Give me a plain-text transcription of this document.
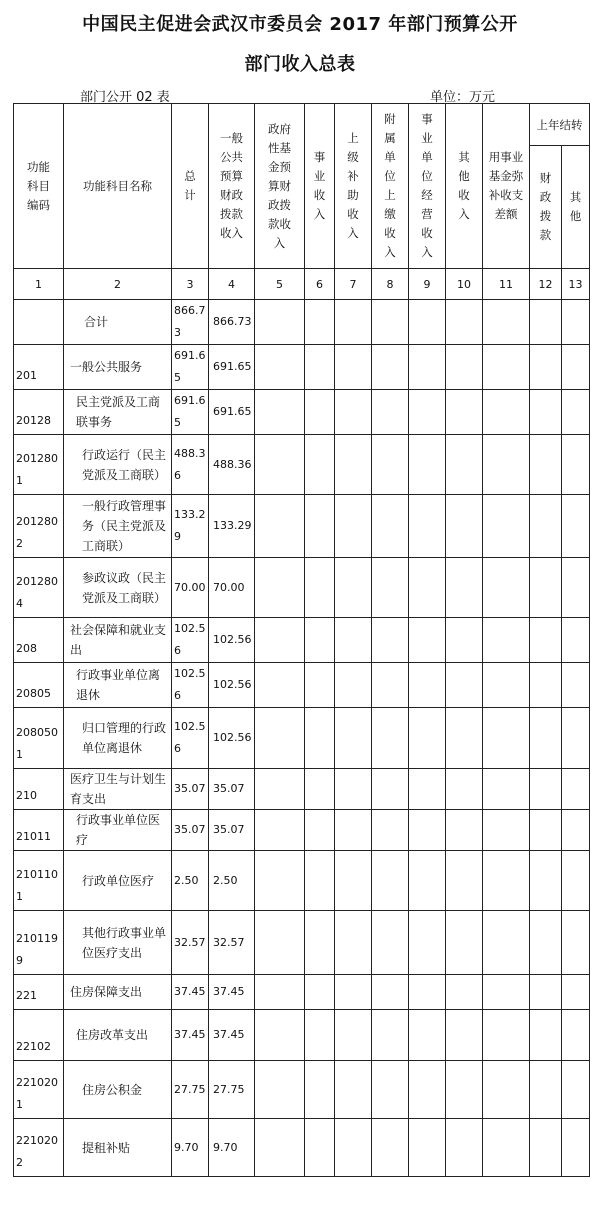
中国民主促进会武汉市委员会 2017 年部门预算公开
部门收入总表
部门公开 02 表	单位：万元
功能科目编码	功能科目名称	总计	一般公共预算财政拨款收入	政府性基金预算财政拨款收入	事业收入	上级补助收入	附属单位上缴收入	事业单位经营收入	其他收入	用事业基金弥补收支差额	上年结转	
											财政拨款	其他
1	2	3	4	5	6	7	8	9	10	11	12	13
	合计	866.73	866.73									
201	一般公共服务	691.65	691.65									
20128	民主党派及工商联事务	691.65	691.65									
2012801	行政运行（民主党派及工商联）	488.36	488.36									
2012802	一般行政管理事务（民主党派及工商联）	133.29	133.29									
2012804	参政议政（民主党派及工商联）	70.00	70.00									
208	社会保障和就业支出	102.56	102.56									
20805	行政事业单位离退休	102.56	102.56									
2080501	归口管理的行政单位离退休	102.56	102.56									
210	医疗卫生与计划生育支出	35.07	35.07									
21011	行政事业单位医疗	35.07	35.07									
2101101	行政单位医疗	2.50	2.50									
2101199	其他行政事业单位医疗支出	32.57	32.57									
221	住房保障支出	37.45	37.45									
22102	住房改革支出	37.45	37.45									
2210201	住房公积金	27.75	27.75									
2210202	提租补贴	9.70	9.70									
